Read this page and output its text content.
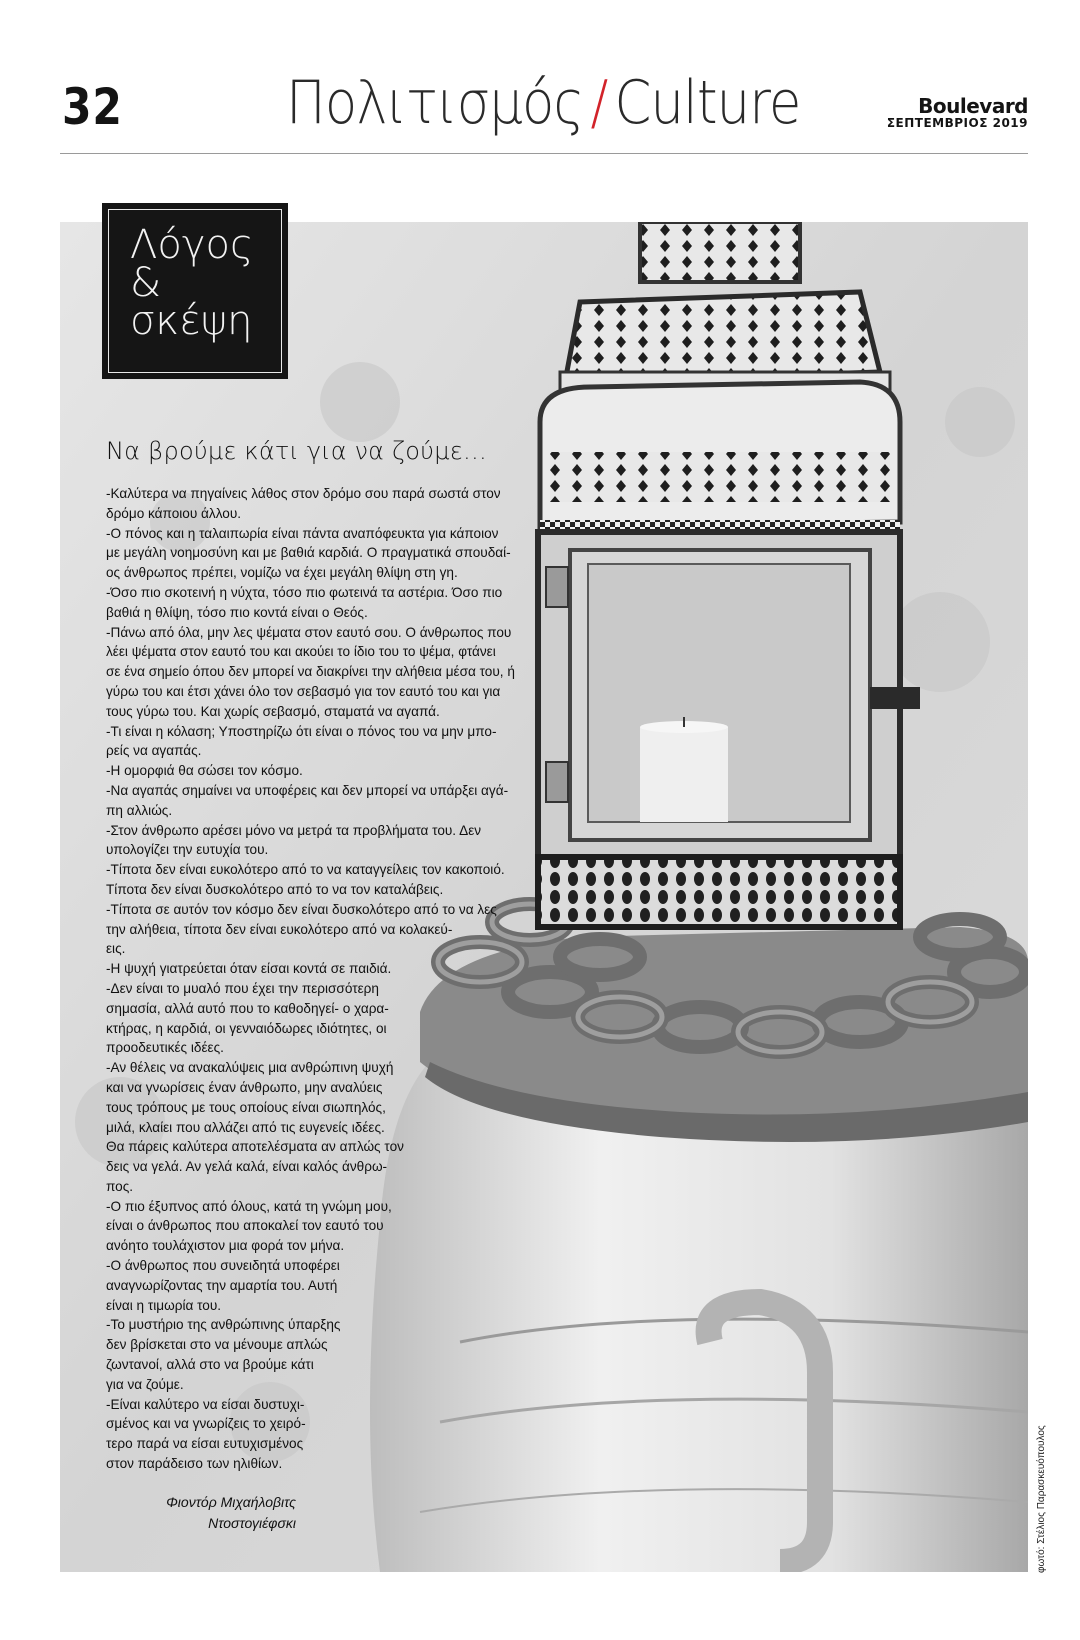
32	Πολιτισμός / Culture	Boulevard
ΣΕΠΤΕΜΒΡΙΟΣ 2019
Λόγος
&
σκέψη
Να βρούμε κάτι για να ζούμε…
-Καλύτερα να πηγαίνεις λάθος στον δρόμο σου παρά σωστά στον
δρόμο κάποιου άλλου.
-Ο πόνος και η ταλαιπωρία είναι πάντα αναπόφευκτα για κάποιον
με μεγάλη νοημοσύνη και με βαθιά καρδιά. Ο πραγματικά σπουδαί-
ος άνθρωπος πρέπει, νομίζω να έχει μεγάλη θλίψη στη γη.
-Όσο πιο σκοτεινή η νύχτα, τόσο πιο φωτεινά τα αστέρια. Όσο πιο
βαθιά η θλίψη, τόσο πιο κοντά είναι ο Θεός.
-Πάνω από όλα, μην λες ψέματα στον εαυτό σου. Ο άνθρωπος που
λέει ψέματα στον εαυτό του και ακούει το ίδιο του το ψέμα, φτάνει
σε ένα σημείο όπου δεν μπορεί να διακρίνει την αλήθεια μέσα του, ή
γύρω του και έτσι χάνει όλο τον σεβασμό για τον εαυτό του και για
τους γύρω του. Και χωρίς σεβασμό, σταματά να αγαπά.
-Τι είναι η κόλαση; Υποστηρίζω ότι είναι ο πόνος του να μην μπο-
ρείς να αγαπάς.
-Η ομορφιά θα σώσει τον κόσμο.
-Να αγαπάς σημαίνει να υποφέρεις και δεν μπορεί να υπάρξει αγά-
πη αλλιώς.
-Στον άνθρωπο αρέσει μόνο να μετρά τα προβλήματα του. Δεν
υπολογίζει την ευτυχία του.
-Τίποτα δεν είναι ευκολότερο από το να καταγγείλεις τον κακοποιό.
Τίποτα δεν είναι δυσκολότερο από το να τον καταλάβεις.
-Τίποτα σε αυτόν τον κόσμο δεν είναι δυσκολότερο από το να λες
την αλήθεια, τίποτα δεν είναι ευκολότερο από να κολακεύ-
εις.
-Η ψυχή γιατρεύεται όταν είσαι κοντά σε παιδιά.
-Δεν είναι το μυαλό που έχει την περισσότερη
σημασία, αλλά αυτό που το καθοδηγεί- ο χαρα-
κτήρας, η καρδιά, οι γενναιόδωρες ιδιότητες, οι
προοδευτικές ιδέες.
-Αν θέλεις να ανακαλύψεις μια ανθρώπινη ψυχή
και να γνωρίσεις έναν άνθρωπο, μην αναλύεις
τους τρόπους με τους οποίους είναι σιωπηλός,
μιλά, κλαίει που αλλάζει από τις ευγενείς ιδέες.
Θα πάρεις καλύτερα αποτελέσματα αν απλώς τον
δεις να γελά. Αν γελά καλά, είναι καλός άνθρω-
πος.
-Ο πιο έξυπνος από όλους, κατά τη γνώμη μου,
είναι ο άνθρωπος που αποκαλεί τον εαυτό του
ανόητο τουλάχιστον μια φορά τον μήνα.
-Ο άνθρωπος που συνειδητά υποφέρει
αναγνωρίζοντας την αμαρτία του. Αυτή
είναι η τιμωρία του.
-Το μυστήριο της ανθρώπινης ύπαρξης
δεν βρίσκεται στο να μένουμε απλώς
ζωντανοί, αλλά στο να βρούμε κάτι
για να ζούμε.
-Είναι καλύτερο να είσαι δυστυχι-
σμένος και να γνωρίζεις το χειρό-
τερο παρά να είσαι ευτυχισμένος
στον παράδεισο των ηλιθίων.
Φιοντόρ Μιχαήλοβιτς
Ντοστογιέφσκι	φωτό: Στέλιος Παρασκευόπουλος
